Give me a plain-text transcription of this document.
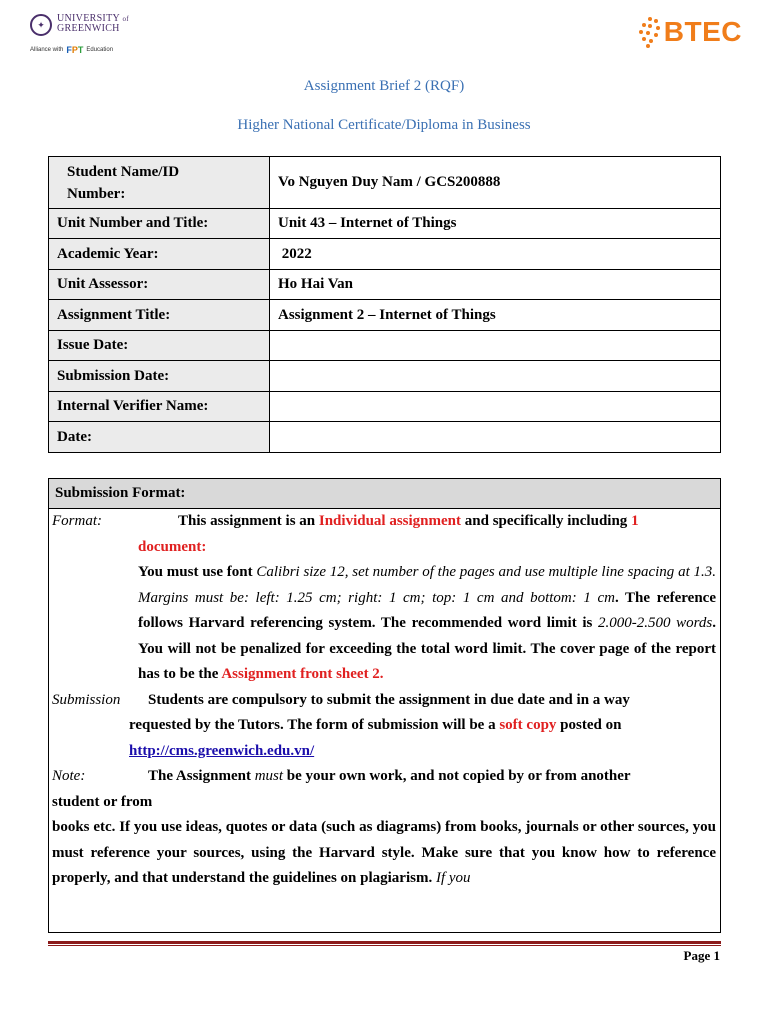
✦
UNIVERSITY of
GREENWICH
Alliance with FPT Education
BTEC
Assignment Brief 2 (RQF)
Higher National Certificate/Diploma in Business
Student Name/ID
Number:	Vo Nguyen Duy Nam / GCS200888
Unit Number and Title:	Unit 43 – Internet of Things
Academic Year:	2022
Unit Assessor:	Ho Hai Van
Assignment Title:	Assignment 2 – Internet of Things
Issue Date:	
Submission Date:	
Internal Verifier Name:	
Date:	
Submission Format:

Format:	This assignment is an Individual assignment and specifically including 1

document:

You must use font Calibri size 12, set number of the pages and use multiple line spacing at 1.3. Margins must be: left: 1.25 cm; right: 1 cm; top: 1 cm and bottom: 1 cm. The reference follows Harvard referencing system. The recommended word limit is 2.000-2.500 words. You will not be penalized for exceeding the total word limit. The cover page of the report has to be the Assignment front sheet 2.

Submission Students are compulsory to submit the assignment in due date and in a way

requested by the Tutors. The form of submission will be a soft copy posted on

http://cms.greenwich.edu.vn/

Note:	The Assignment must be your own work, and not copied by or from another

student or from

books etc. If you use ideas, quotes or data (such as diagrams) from books, journals or other sources, you must reference your sources, using the Harvard style. Make sure that you know how to reference properly, and that understand the guidelines on plagiarism. If you

Page 1
